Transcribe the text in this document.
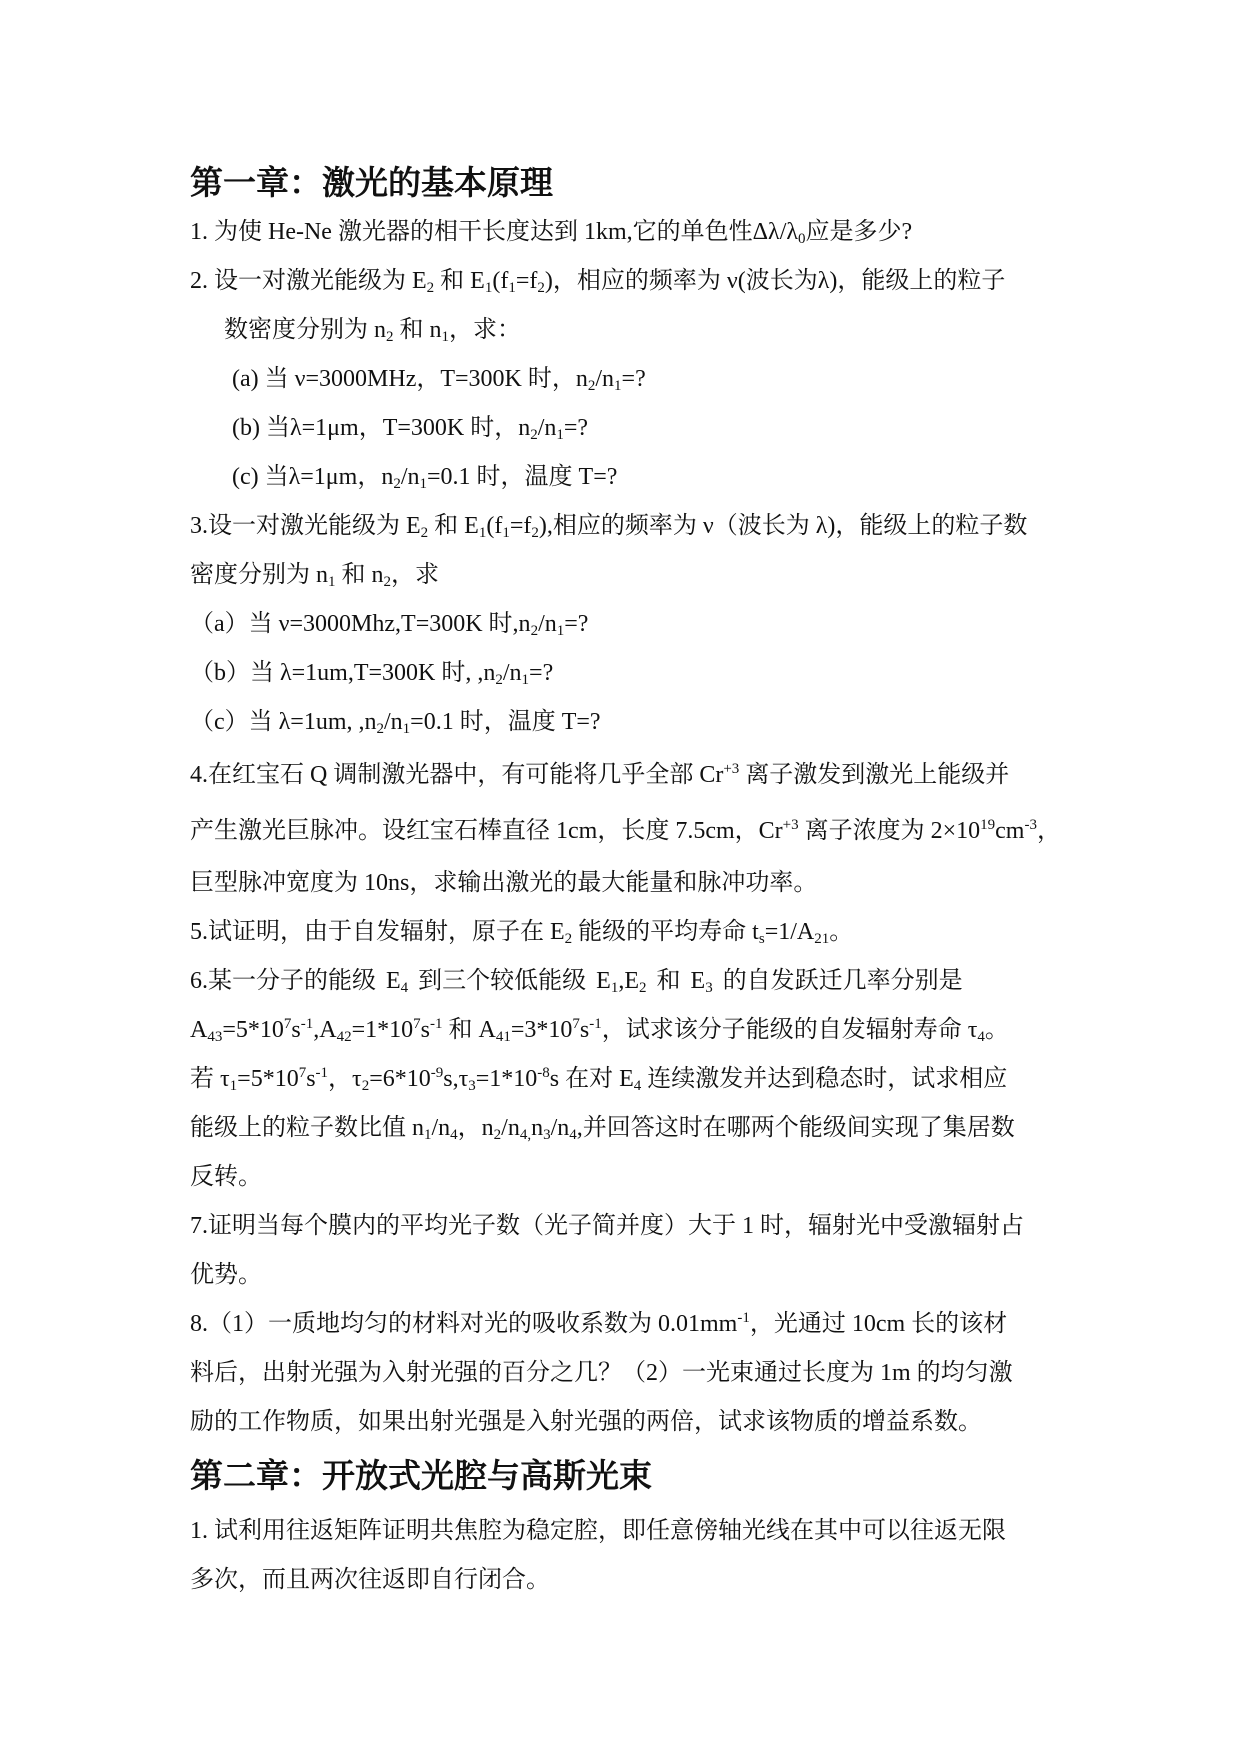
第一章：激光的基本原理

1. 为使 He-Ne 激光器的相干长度达到 1km,它的单色性$\Delta\lambda/\lambda_0$应是多少?

2. 设一对激光能级为 $E_2$ 和 $E_1(f_1=f_2)$，相应的频率为 ν(波长为λ)，能级上的粒子

数密度分别为 $n_2$ 和 $n_1$，求：

(a) 当 ν=3000MHz，T=300K 时，$n_2/n_1=$?

(b) 当λ=1μm，T=300K 时，$n_2/n_1=$?

(c) 当λ=1μm，$n_2/n_1=0.1$ 时，温度 T=?

3.设一对激光能级为 $E_2$ 和 $E_1(f_1=f_2)$,相应的频率为 ν（波长为 λ)，能级上的粒子数

密度分别为 $n_1$ 和 $n_2$，求

（a）当 ν=3000Mhz,T=300K 时$,n_2/n_1=$?

（b）当 λ=1um,T=300K 时, $,n_2/n_1=$?

（c）当 λ=1um, $,n_2/n_1=0.1$ 时，温度 T=?

4.在红宝石 Q 调制激光器中，有可能将几乎全部 $Cr^{+3}$ 离子激发到激光上能级并

产生激光巨脉冲。设红宝石棒直径 1cm，长度 7.5cm，$Cr^{+3}$ 离子浓度为 $2\times 10^{19}cm^{-3}$，

巨型脉冲宽度为 10ns，求输出激光的最大能量和脉冲功率。

5.试证明，由于自发辐射，原子在 $E_2$ 能级的平均寿命 $t_s=1/A_{21}$。

6.某一分子的能级 $E_4$ 到三个较低能级 $E_1,E_2$ 和 $E_3$ 的自发跃迁几率分别是

$A_{43}=5*10^7s^{-1},A_{42}=1*10^7s^{-1}$ 和 $A_{41}=3*10^7s^{-1}$，试求该分子能级的自发辐射寿命 $\tau_4$。

若 $\tau_1=5*10^7s^{-1}$，$\tau_2=6*10^{-9}s,\tau_3=1*10^{-8}s$ 在对 $E_4$ 连续激发并达到稳态时，试求相应

能级上的粒子数比值 $n_1/n_4$，$n_2/n_{4,}n_3/n_4$,并回答这时在哪两个能级间实现了集居数

反转。

7.证明当每个膜内的平均光子数（光子简并度）大于 1 时，辐射光中受激辐射占

优势。

8.（1）一质地均匀的材料对光的吸收系数为 $0.01mm^{-1}$，光通过 10cm 长的该材

料后，出射光强为入射光强的百分之几？（2）一光束通过长度为 1m 的均匀激

励的工作物质，如果出射光强是入射光强的两倍，试求该物质的增益系数。

第二章：开放式光腔与高斯光束

1. 试利用往返矩阵证明共焦腔为稳定腔，即任意傍轴光线在其中可以往返无限

多次，而且两次往返即自行闭合。
